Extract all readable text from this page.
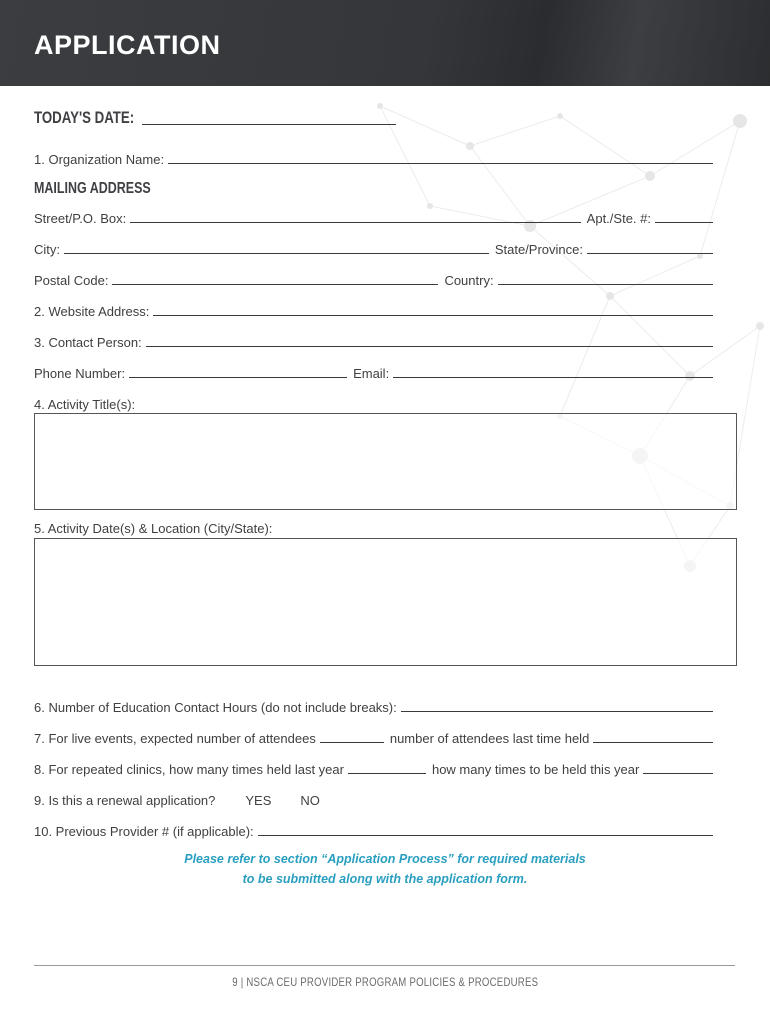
APPLICATION
TODAY'S DATE:
1. Organization Name:
MAILING ADDRESS
Street/P.O. Box:	Apt./Ste. #:
City:	State/Province:
Postal Code:	Country:
2. Website Address:
3. Contact Person:
Phone Number:	Email:
4. Activity Title(s):
5. Activity Date(s) & Location (City/State):
6. Number of Education Contact Hours (do not include breaks):
7. For live events, expected number of attendees	number of attendees last time held
8. For repeated clinics, how many times held last year	how many times to be held this year
9. Is this a renewal application? YES NO
10. Previous Provider # (if applicable):
Please refer to section “Application Process” for required materials
to be submitted along with the application form.
9 | NSCA CEU PROVIDER PROGRAM POLICIES & PROCEDURES
